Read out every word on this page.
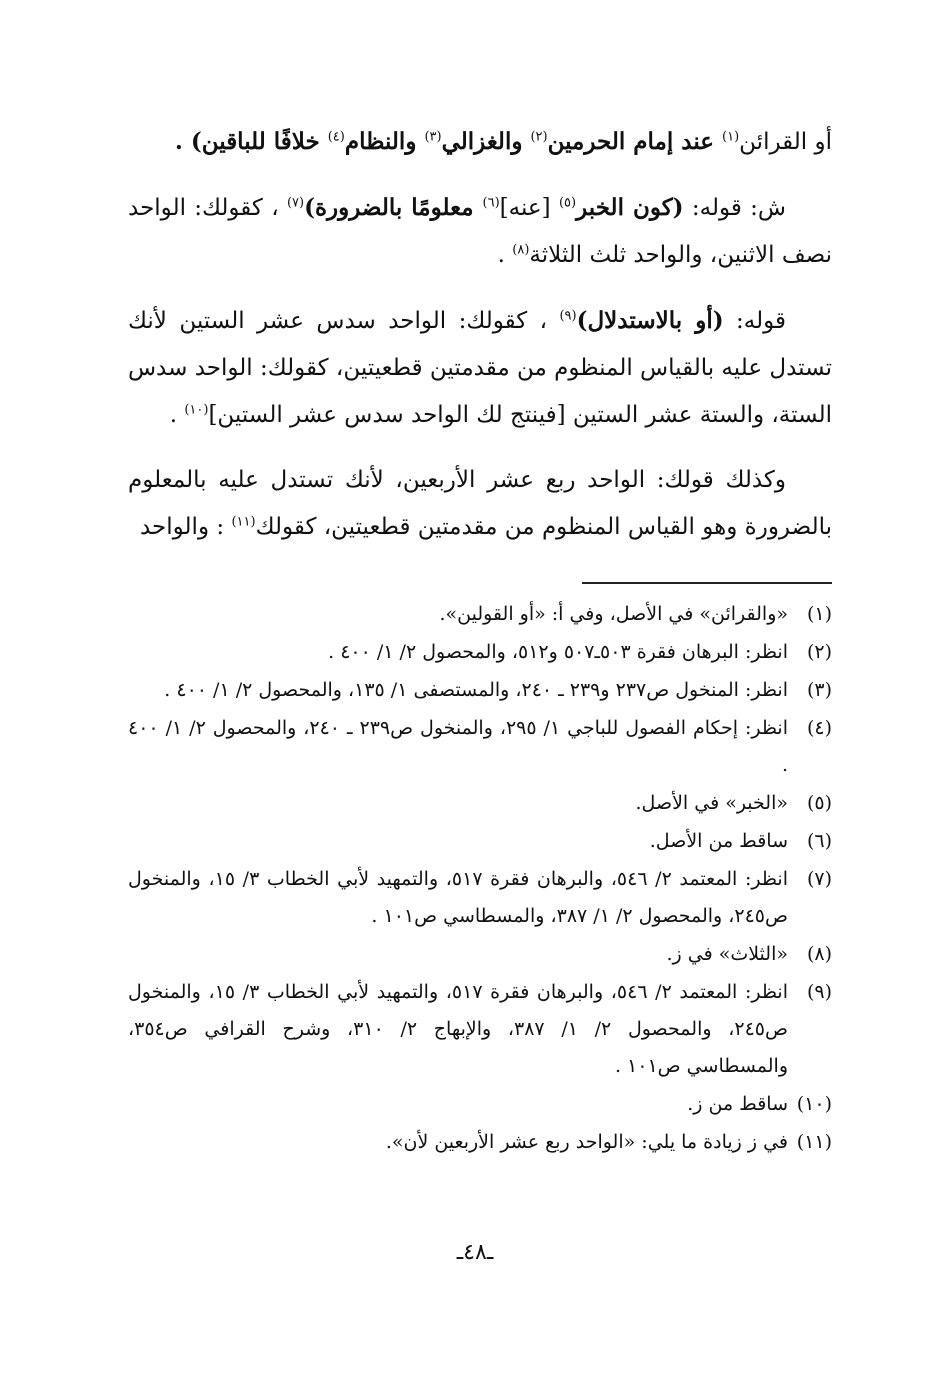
أو القرائن$^{(١)}$ عند إمام الحرمين$^{(٢)}$ والغزالي$^{(٣)}$ والنظام$^{(٤)}$ خلافًا للباقين) .

ش: قوله: (كون الخبر$^{(٥)}$ [عنه]$^{(٦)}$ معلومًا بالضرورة)$^{(٧)}$ ، كقولك: الواحد نصف الاثنين، والواحد ثلث الثلاثة$^{(٨)}$ .

قوله: (أو بالاستدلال)$^{(٩)}$ ، كقولك: الواحد سدس عشر الستين لأنك تستدل عليه بالقياس المنظوم من مقدمتين قطعيتين، كقولك: الواحد سدس الستة، والستة عشر الستين [فينتج لك الواحد سدس عشر الستين]$^{(١٠)}$ .

وكذلك قولك: الواحد ربع عشر الأربعين، لأنك تستدل عليه بالمعلوم بالضرورة وهو القياس المنظوم من مقدمتين قطعيتين، كقولك$^{(١١)}$ : والواحد

(١)
«والقرائن» في الأصل، وفي أ: «أو القولين».
(٢)
انظر: البرهان فقرة ٥٠٣ـ٥٠٧ و٥١٢، والمحصول ٢/ ١/ ٤٠٠ .
(٣)
انظر: المنخول ص٢٣٧ و٢٣٩ ـ ٢٤٠، والمستصفى ١/ ١٣٥، والمحصول ٢/ ١/ ٤٠٠ .
(٤)
انظر: إحكام الفصول للباجي ١/ ٢٩٥، والمنخول ص٢٣٩ ـ ٢٤٠، والمحصول ٢/ ١/ ٤٠٠ .
(٥)
«الخبر» في الأصل.
(٦)
ساقط من الأصل.
(٧)
انظر: المعتمد ٢/ ٥٤٦، والبرهان فقرة ٥١٧، والتمهيد لأبي الخطاب ٣/ ١٥، والمنخول ص٢٤٥، والمحصول ٢/ ١/ ٣٨٧، والمسطاسي ص١٠١ .
(٨)
«الثلاث» في ز.
(٩)
انظر: المعتمد ٢/ ٥٤٦، والبرهان فقرة ٥١٧، والتمهيد لأبي الخطاب ٣/ ١٥، والمنخول ص٢٤٥، والمحصول ٢/ ١/ ٣٨٧، والإبهاج ٢/ ٣١٠، وشرح القرافي ص٣٥٤، والمسطاسي ص١٠١ .
(١٠)
ساقط من ز.
(١١)
في ز زيادة ما يلي: «الواحد ربع عشر الأربعين لأن».
ـ٤٨ـ
